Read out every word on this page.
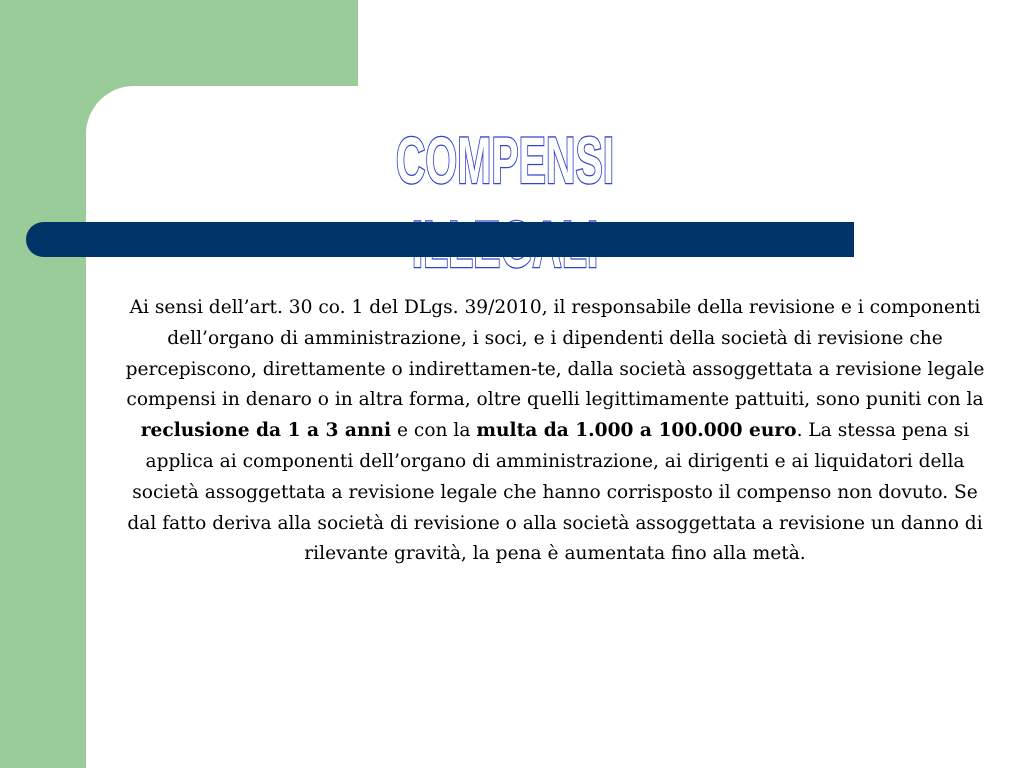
COMPENSI

Ai sensi dell’art. 30 co. 1 del DLgs. 39/2010, il responsabile della revisione e i componenti dell’organo di amministrazione, i soci, e i dipendenti della società di revisione che percepiscono, direttamente o indirettamen-te, dalla società assoggettata a revisione legale compensi in denaro o in altra forma, oltre quelli legittimamente pattuiti, sono puniti con la reclusione da 1 a 3 anni e con la multa da 1.000 a 100.000 euro. La stessa pena si applica ai componenti dell’organo di amministrazione, ai dirigenti e ai liquidatori della società assoggettata a revisione legale che hanno corrisposto il compenso non dovuto. Se dal fatto deriva alla società di revisione o alla società assoggettata a revisione un danno di rilevante gravità, la pena è aumentata fino alla metà.
